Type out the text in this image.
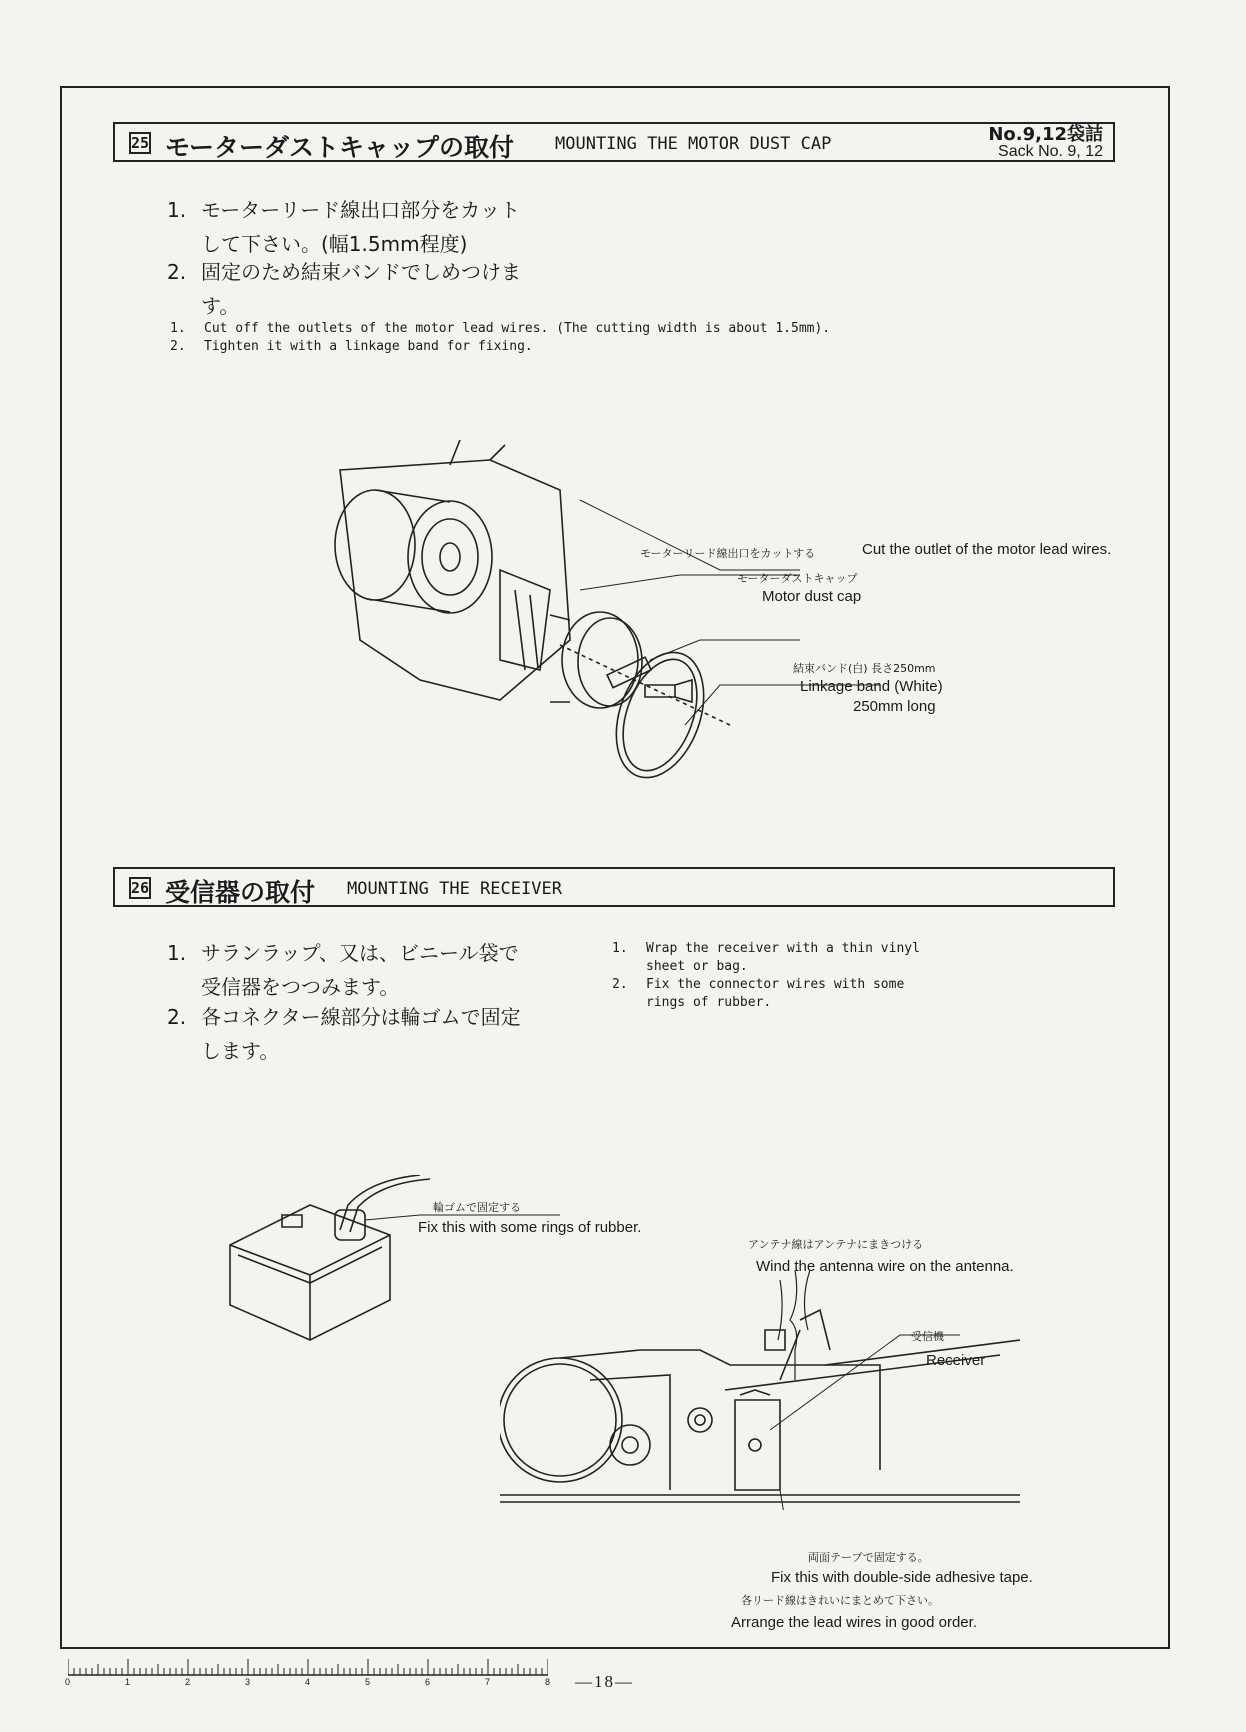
25 モーターダストキャップの取付 MOUNTING THE MOTOR DUST CAP	No.9,12袋詰
Sack No. 9, 12
1. モーターリード線出口部分をカット
して下さい。(幅1.5mm程度)
2. 固定のため結束バンドでしめつけま
す。
1. Cut off the outlets of the motor lead wires. (The cutting width is about 1.5mm).
2. Tighten it with a linkage band for fixing.
モーターリード線出口をカットする	Cut the outlet of the motor lead wires.
モーターダストキャップ
Motor dust cap
結束バンド(白) 長さ250mm
Linkage band (White)
250mm long
26 受信器の取付 MOUNTING THE RECEIVER
1. サランラップ、又は、ビニール袋で
受信器をつつみます。
2. 各コネクター線部分は輪ゴムで固定
します。
1. Wrap the receiver with a thin vinyl
sheet or bag.
2. Fix the connector wires with some
rings of rubber.
輪ゴムで固定する
Fix this with some rings of rubber.
アンテナ線はアンテナにまきつける
Wind the antenna wire on the antenna.
受信機
Receiver
両面テープで固定する。
Fix this with double-side adhesive tape.
各リード線はきれいにまとめて下さい。
Arrange the lead wires in good order.
0	1	2	3	4	5	6	7	8 —18—
